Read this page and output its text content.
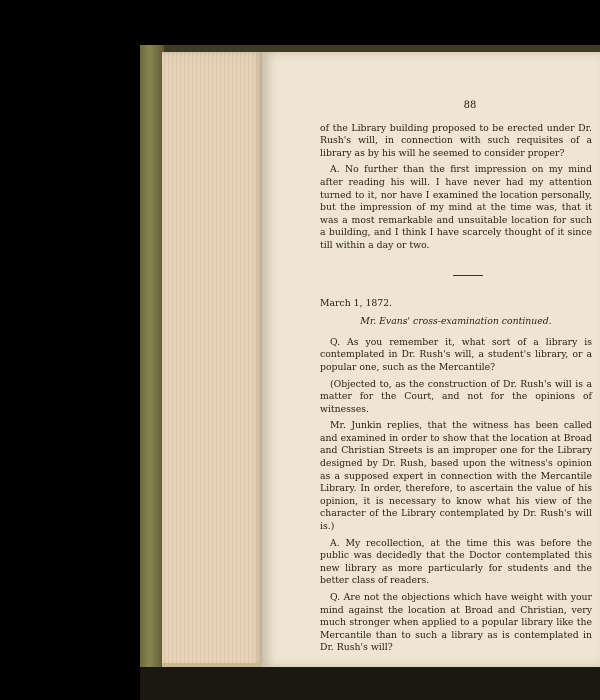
88

of the Library building proposed to be erected under Dr. Rush's will, in connection with such requisites of a library as by his will he seemed to consider proper?

A. No further than the first impression on my mind after reading his will. I have never had my attention turned to it, nor have I examined the location personally, but the impression of my mind at the time was, that it was a most remarkable and unsuitable location for such a building, and I think I have scarcely thought of it since till within a day or two.

March 1, 1872.

Mr. Evans' cross-examination continued.

Q. As you remember it, what sort of a library is contemplated in Dr. Rush's will, a student's library, or a popular one, such as the Mercantile?

(Objected to, as the construction of Dr. Rush's will is a matter for the Court, and not for the opinions of witnesses.

Mr. Junkin replies, that the witness has been called and examined in order to show that the location at Broad and Christian Streets is an improper one for the Library designed by Dr. Rush, based upon the witness's opinion as a supposed expert in connection with the Mercantile Library. In order, therefore, to ascertain the value of his opinion, it is necessary to know what his view of the character of the Library contemplated by Dr. Rush's will is.)

A. My recollection, at the time this was before the public was decidedly that the Doctor contemplated this new library as more particularly for students and the better class of readers.

Q. Are not the objections which have weight with your mind against the location at Broad and Christian, very much stronger when applied to a popular library like the Mercantile than to such a library as is contemplated in Dr. Rush's will?
